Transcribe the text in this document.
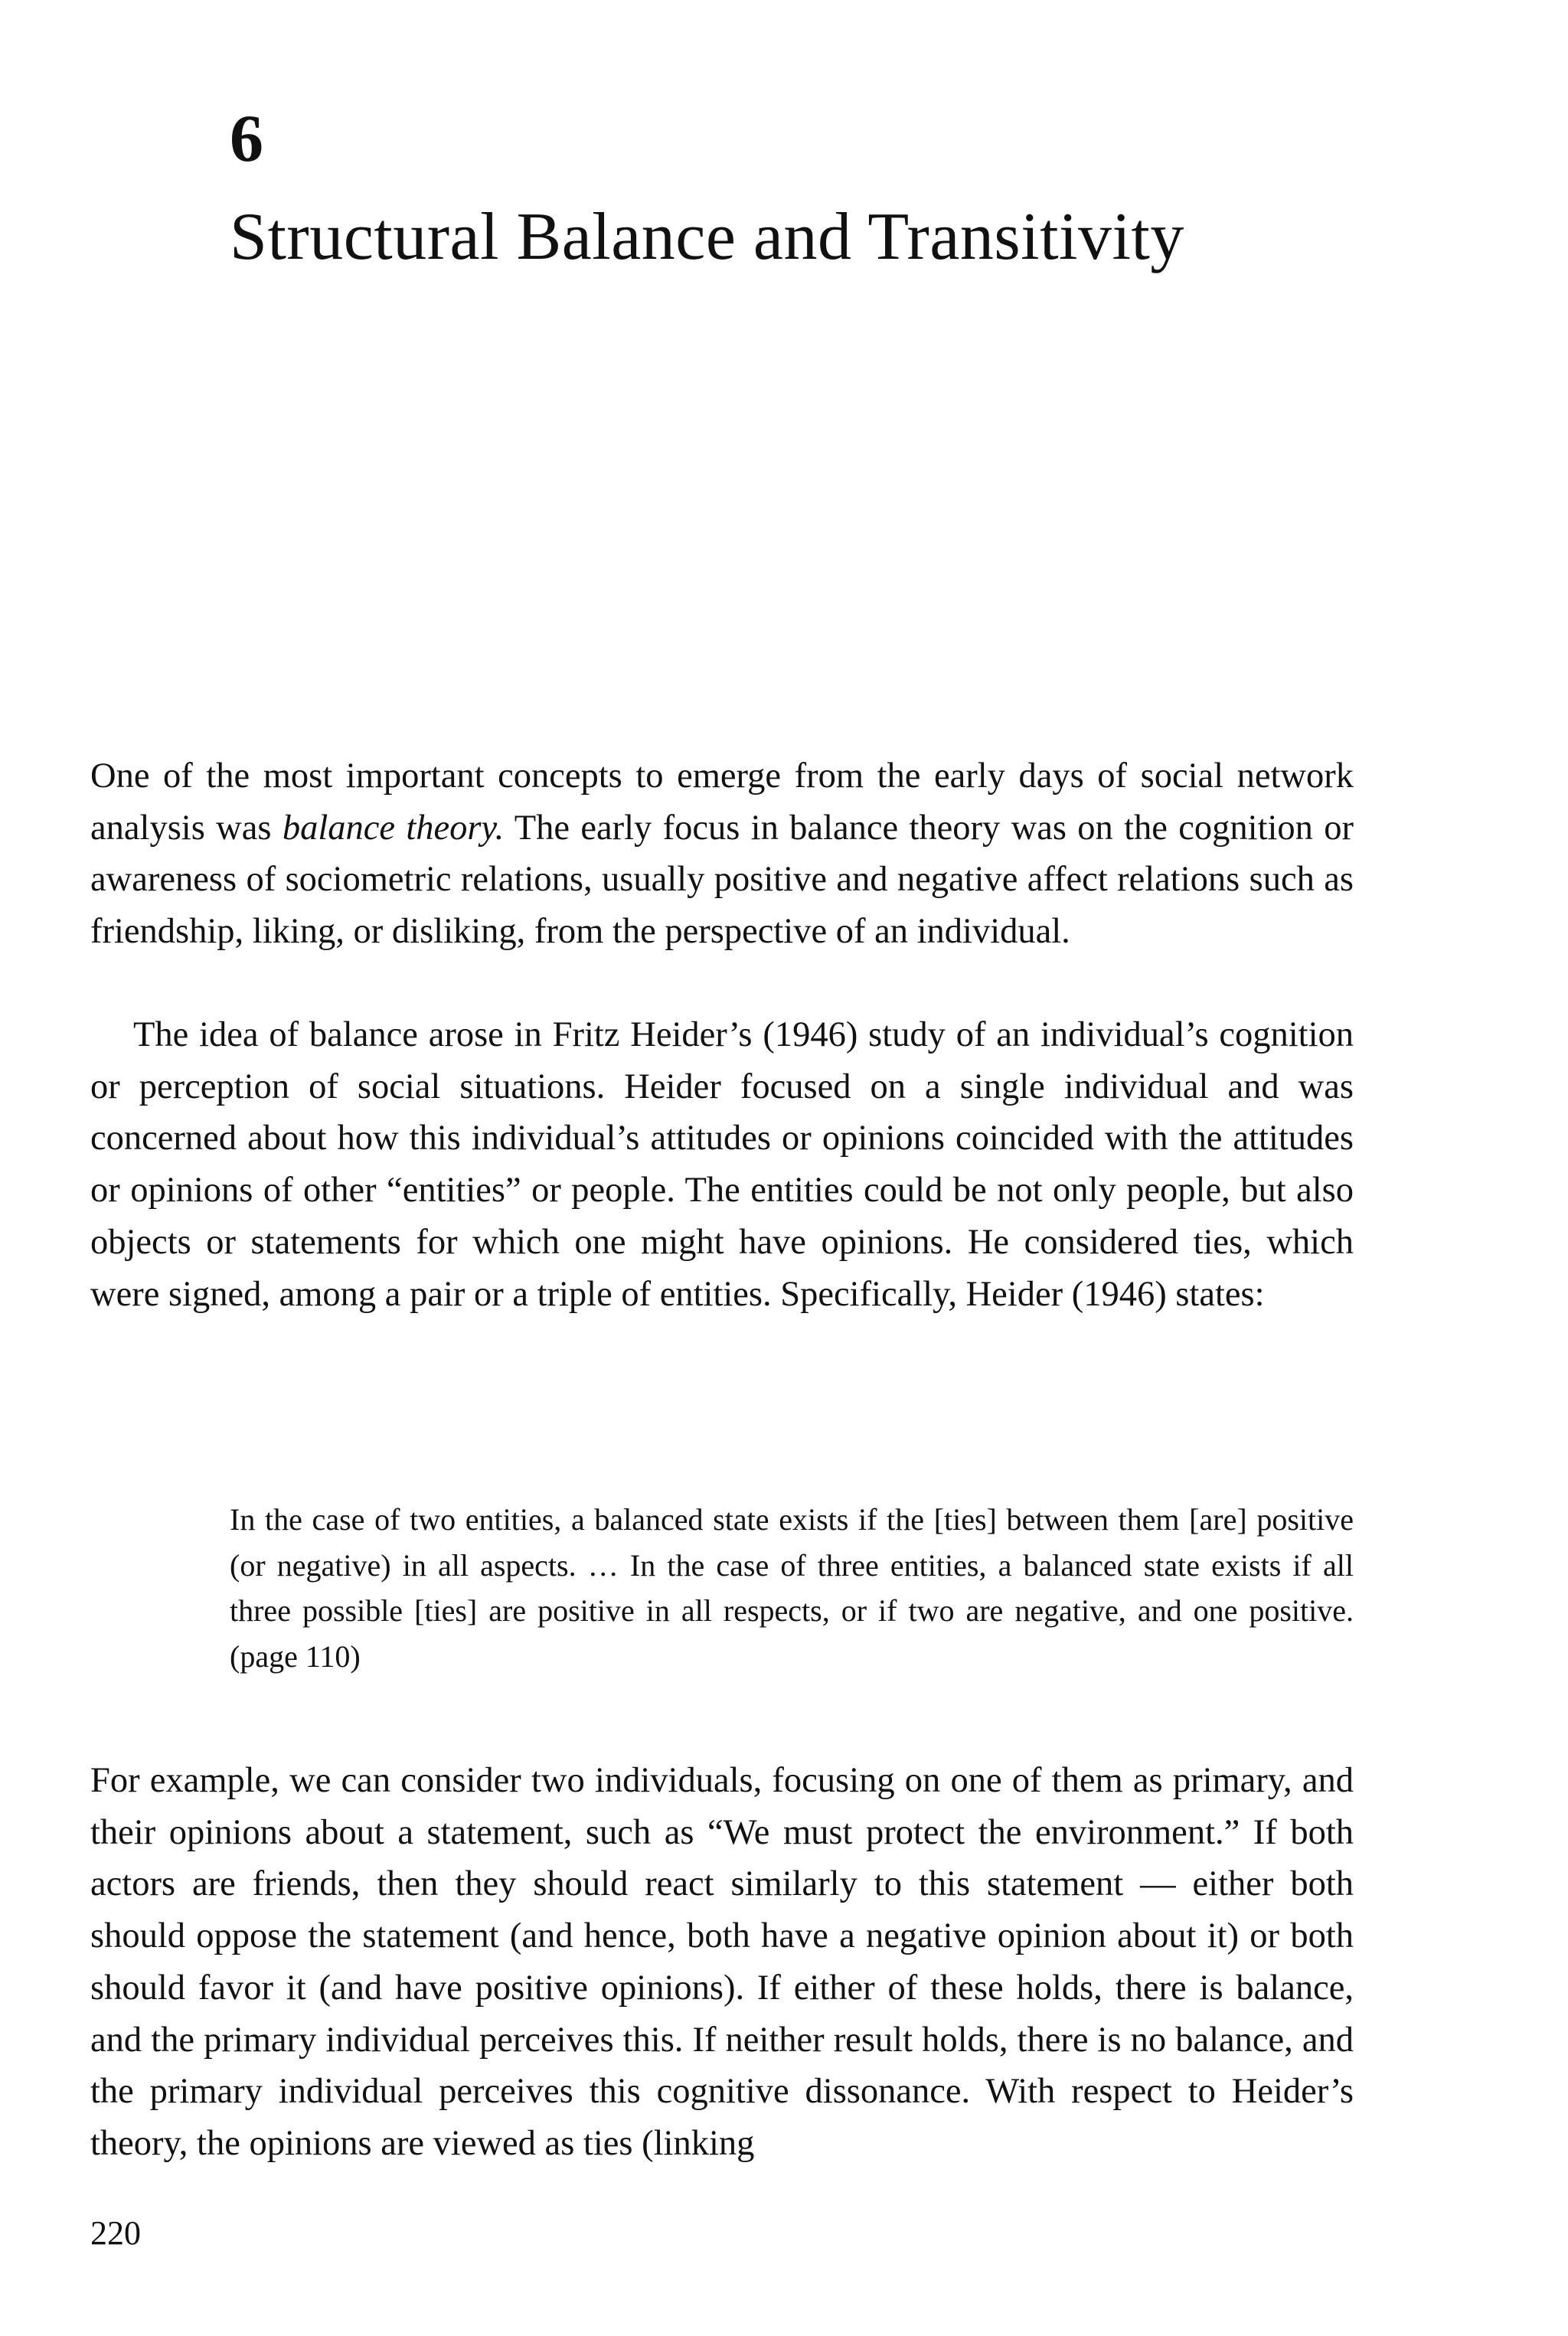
6
Structural Balance and Transitivity

One of the most important concepts to emerge from the early days of social network analysis was balance theory. The early focus in balance theory was on the cognition or awareness of sociometric relations, usually positive and negative affect relations such as friendship, liking, or disliking, from the perspective of an individual.

The idea of balance arose in Fritz Heider’s (1946) study of an individual’s cognition or perception of social situations. Heider focused on a single individual and was concerned about how this individual’s attitudes or opinions coincided with the attitudes or opinions of other “entities” or people. The entities could be not only people, but also objects or statements for which one might have opinions. He considered ties, which were signed, among a pair or a triple of entities. Specifically, Heider (1946) states:

In the case of two entities, a balanced state exists if the [ties] between them [are] positive (or negative) in all aspects. … In the case of three entities, a balanced state exists if all three possible [ties] are positive in all respects, or if two are negative, and one positive. (page 110)

For example, we can consider two individuals, focusing on one of them as primary, and their opinions about a statement, such as “We must protect the environment.” If both actors are friends, then they should react similarly to this statement — either both should oppose the statement (and hence, both have a negative opinion about it) or both should favor it (and have positive opinions). If either of these holds, there is balance, and the primary individual perceives this. If neither result holds, there is no balance, and the primary individual perceives this cognitive dissonance. With respect to Heider’s theory, the opinions are viewed as ties (linking

220
